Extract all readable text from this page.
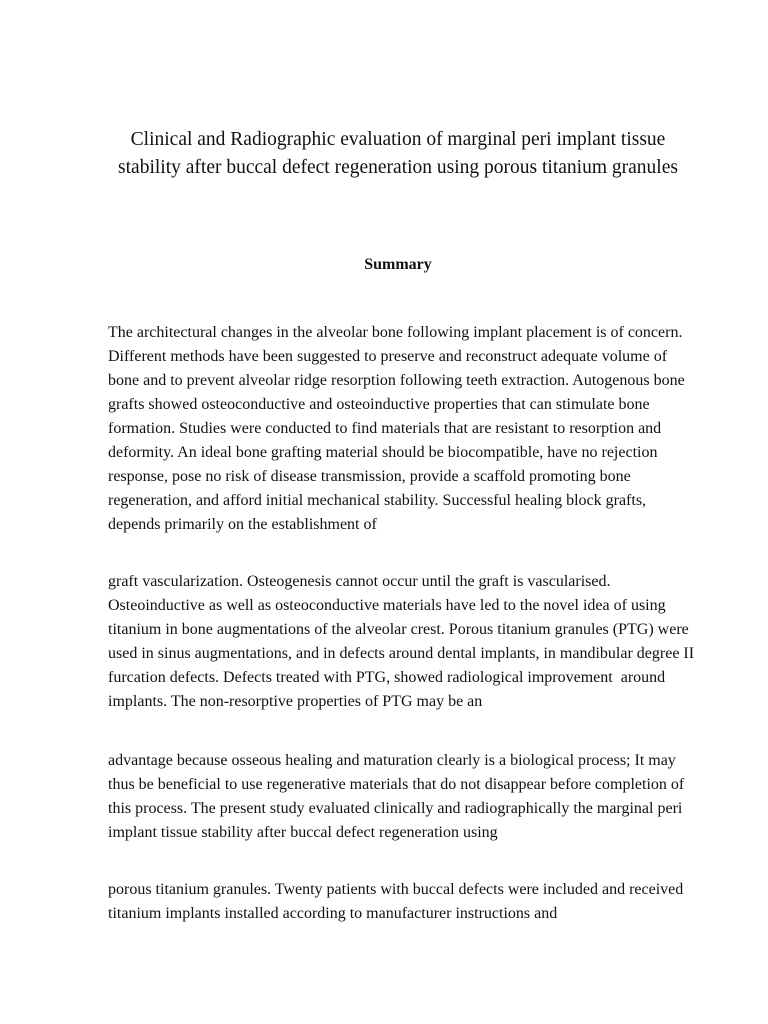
Clinical and Radiographic evaluation of marginal peri implant tissue stability after buccal defect regeneration using porous titanium granules
Summary

The architectural changes in the alveolar bone following implant placement is of concern. Different methods have been suggested to preserve and reconstruct adequate volume of bone and to prevent alveolar ridge resorption following teeth extraction. Autogenous bone grafts showed osteoconductive and osteoinductive properties that can stimulate bone formation. Studies were conducted to find materials that are resistant to resorption and deformity. An ideal bone grafting material should be biocompatible, have no rejection response, pose no risk of disease transmission, provide a scaffold promoting bone regeneration, and afford initial mechanical stability. Successful healing block grafts, depends primarily on the establishment of

graft vascularization. Osteogenesis cannot occur until the graft is vascularised. Osteoinductive as well as osteoconductive materials have led to the novel idea of using titanium in bone augmentations of the alveolar crest. Porous titanium granules (PTG) were used in sinus augmentations, and in defects around dental implants, in mandibular degree II furcation defects. Defects treated with PTG, showed radiological improvement  around implants. The non-resorptive properties of PTG may be an

advantage because osseous healing and maturation clearly is a biological process; It may thus be beneficial to use regenerative materials that do not disappear before completion of this process. The present study evaluated clinically and radiographically the marginal peri implant tissue stability after buccal defect regeneration using

porous titanium granules. Twenty patients with buccal defects were included and received titanium implants installed according to manufacturer instructions and
